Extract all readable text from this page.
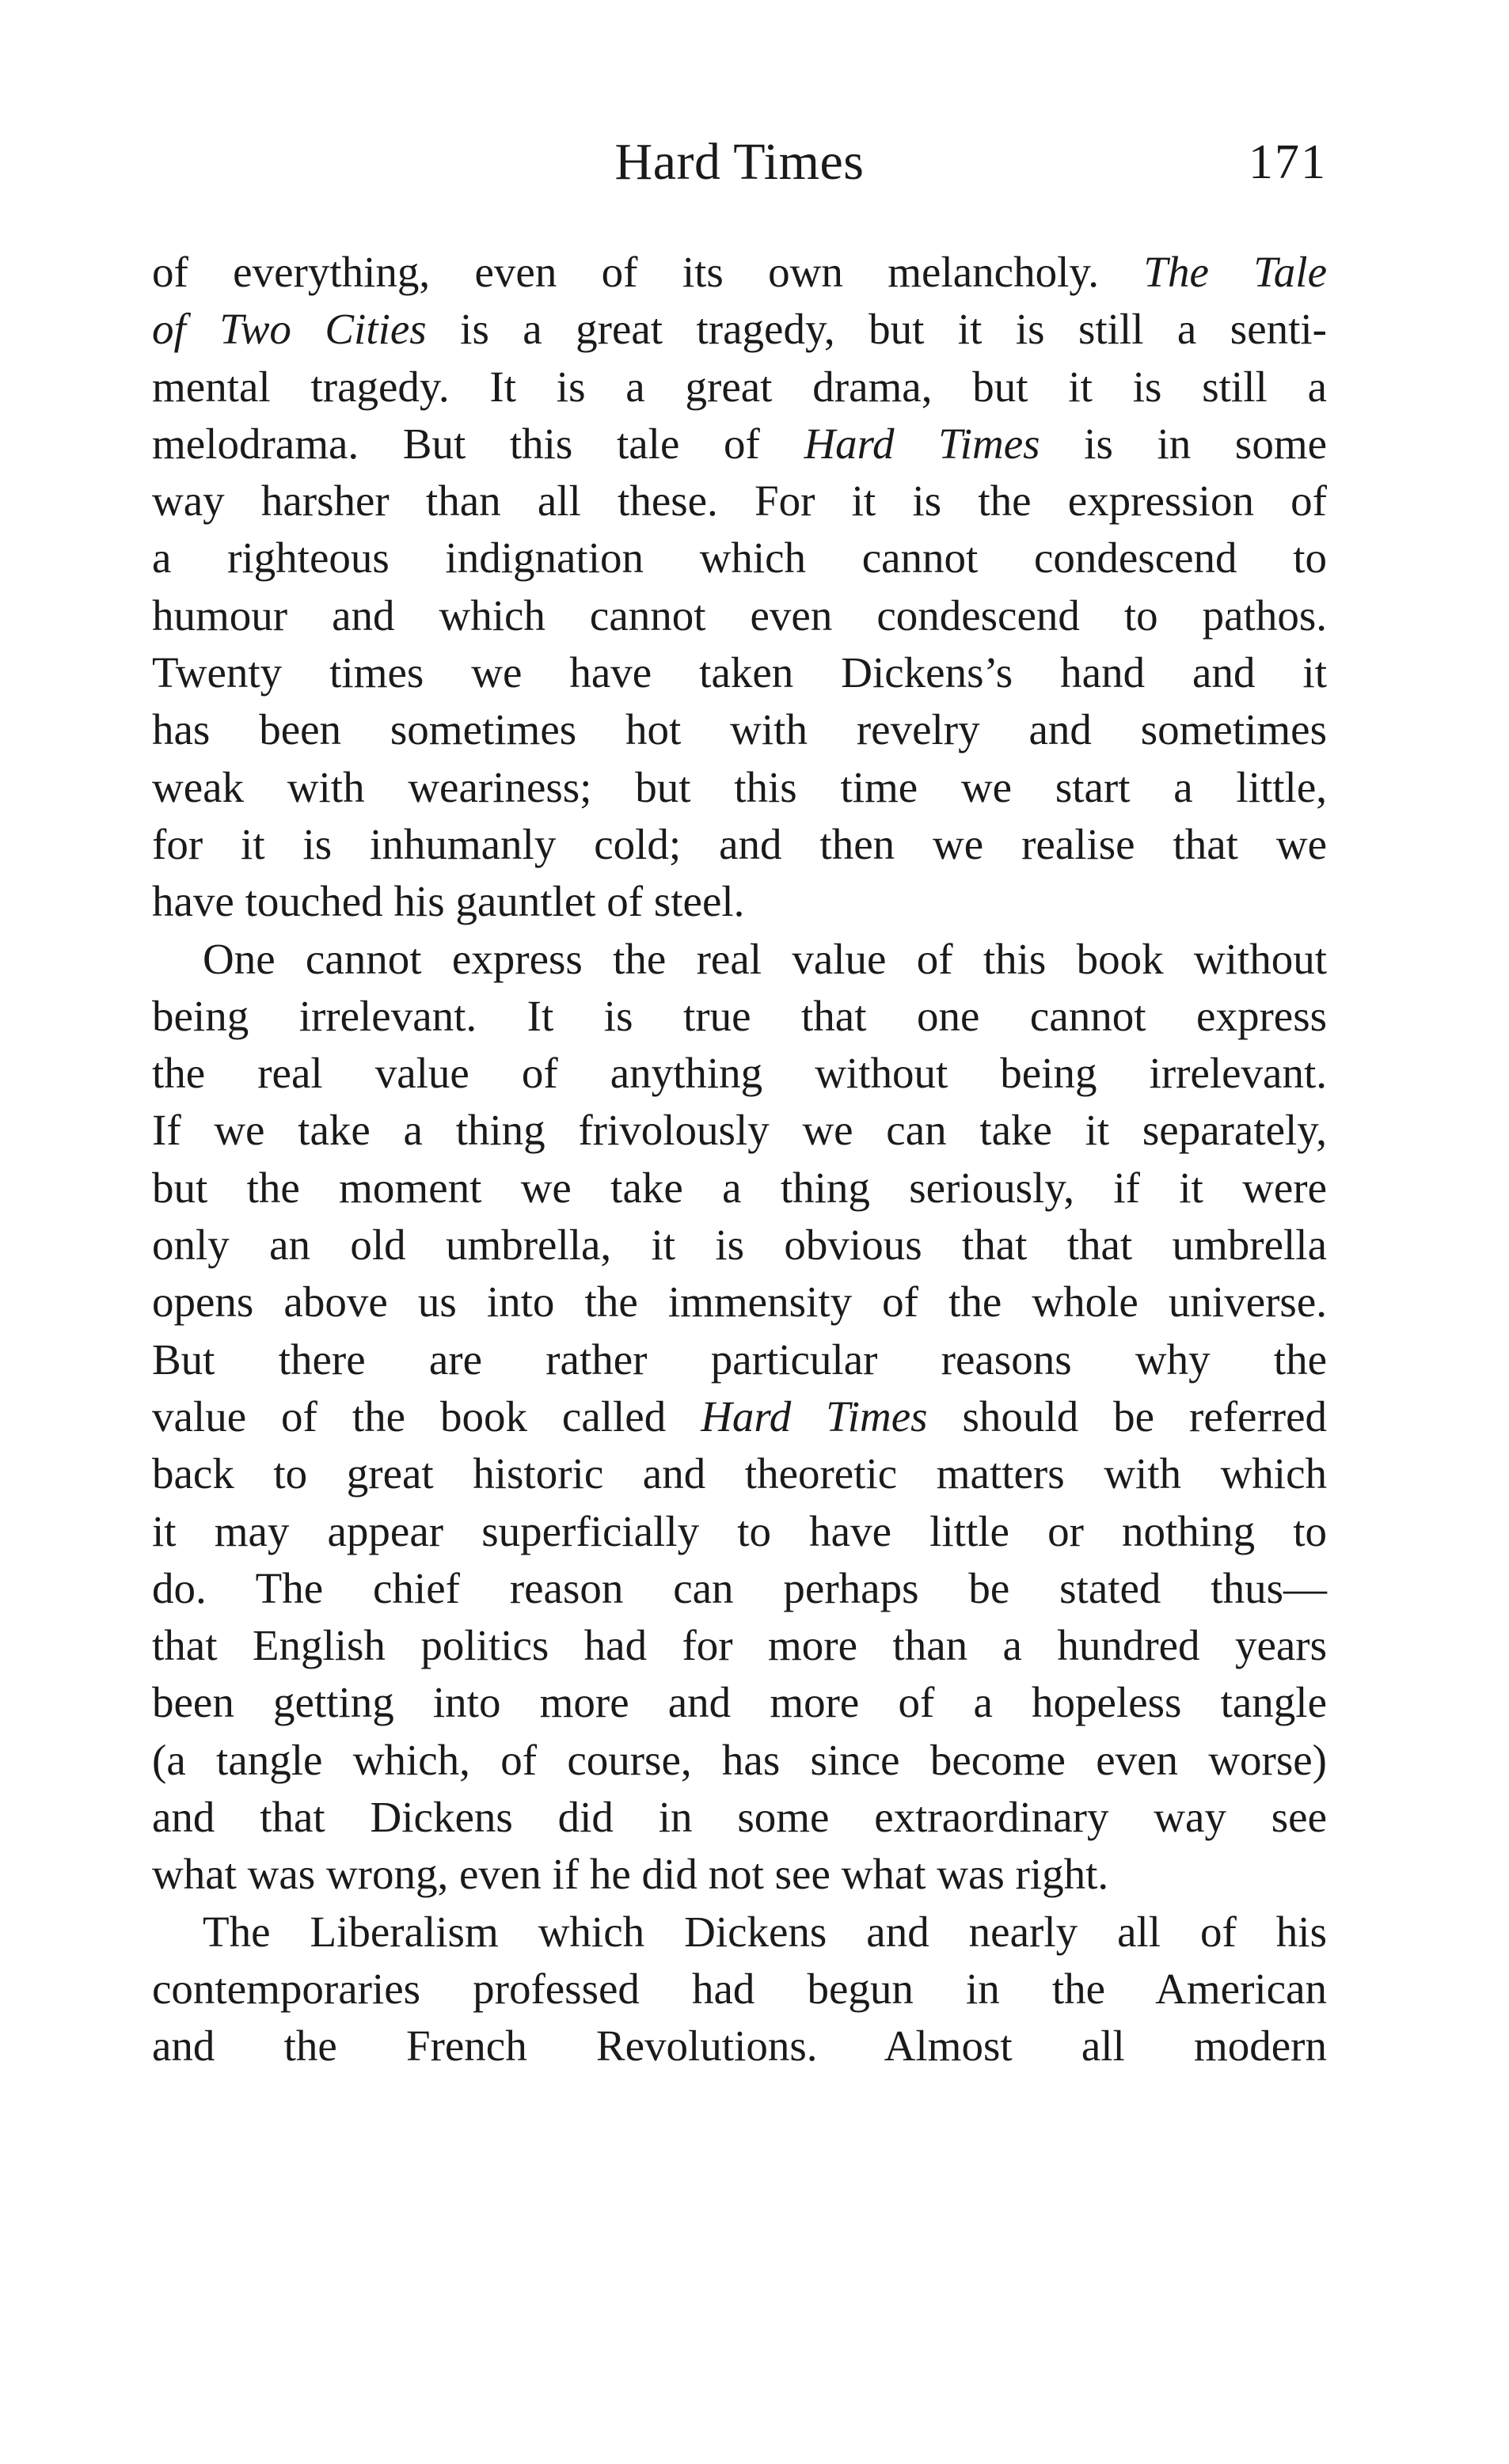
Hard Times	171
of everything, even of its own melancholy. The Tale
of Two Cities is a great tragedy, but it is still a senti-
mental tragedy. It is a great drama, but it is still a
melodrama. But this tale of Hard Times is in some
way harsher than all these. For it is the expression of
a righteous indignation which cannot condescend to
humour and which cannot even condescend to pathos.
Twenty times we have taken Dickens’s hand and it
has been sometimes hot with revelry and sometimes
weak with weariness; but this time we start a little,
for it is inhumanly cold; and then we realise that we
have touched his gauntlet of steel.
One cannot express the real value of this book without
being irrelevant. It is true that one cannot express
the real value of anything without being irrelevant.
If we take a thing frivolously we can take it separately,
but the moment we take a thing seriously, if it were
only an old umbrella, it is obvious that that umbrella
opens above us into the immensity of the whole universe.
But there are rather particular reasons why the
value of the book called Hard Times should be referred
back to great historic and theoretic matters with which
it may appear superficially to have little or nothing to
do. The chief reason can perhaps be stated thus—
that English politics had for more than a hundred years
been getting into more and more of a hopeless tangle
(a tangle which, of course, has since become even worse)
and that Dickens did in some extraordinary way see
what was wrong, even if he did not see what was right.
The Liberalism which Dickens and nearly all of his
contemporaries professed had begun in the American
and the French Revolutions. Almost all modern
